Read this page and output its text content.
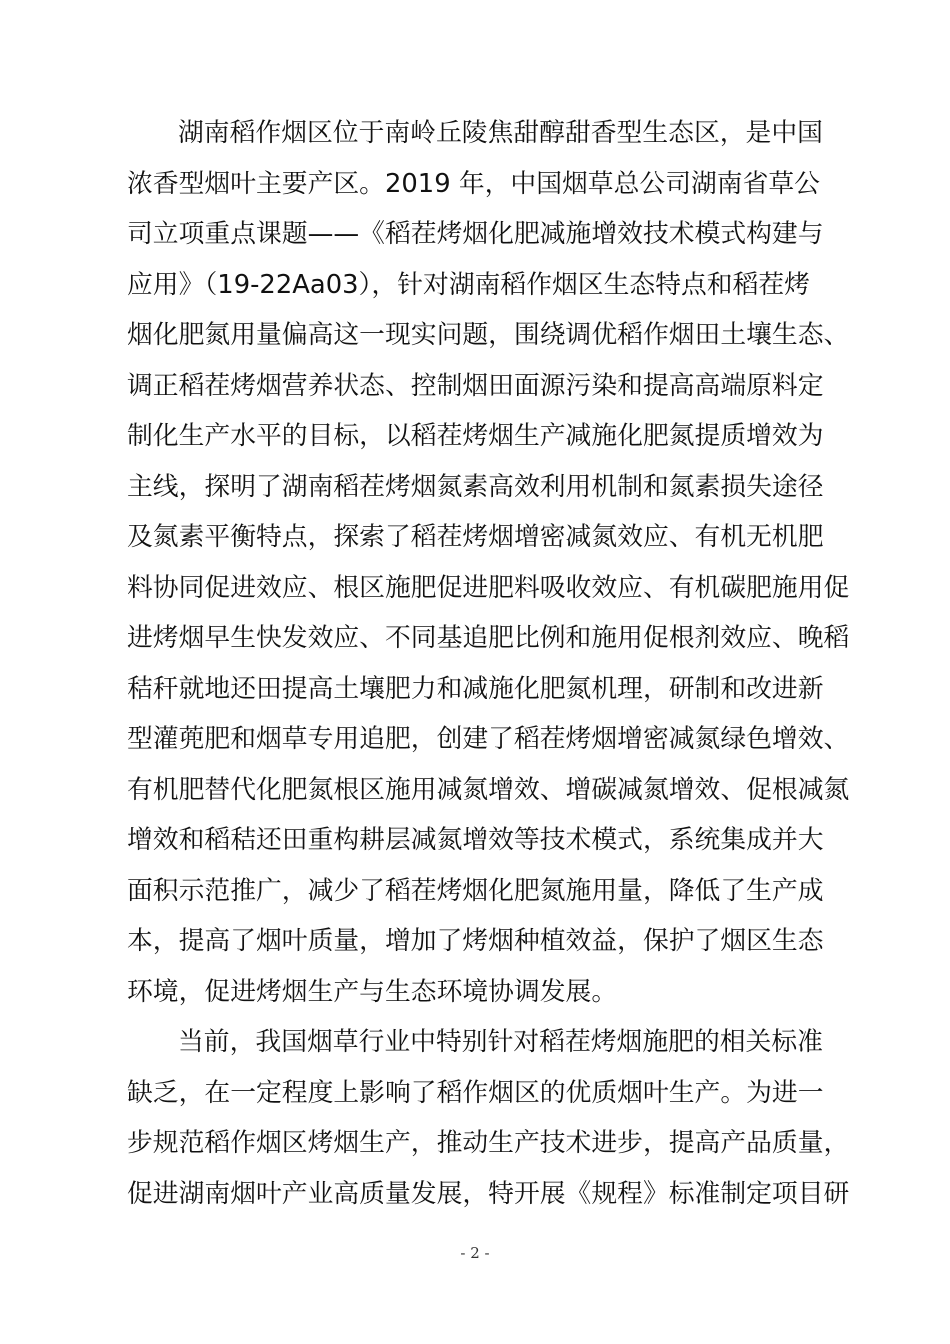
湖南稻作烟区位于南岭丘陵焦甜醇甜香型生态区，是中国
浓香型烟叶主要产区。2019 年，中国烟草总公司湖南省草公
司立项重点课题——《稻茬烤烟化肥减施增效技术模式构建与
应用》（19-22Aa03），针对湖南稻作烟区生态特点和稻茬烤
烟化肥氮用量偏高这一现实问题，围绕调优稻作烟田土壤生态、
调正稻茬烤烟营养状态、控制烟田面源污染和提高高端原料定
制化生产水平的目标，以稻茬烤烟生产减施化肥氮提质增效为
主线，探明了湖南稻茬烤烟氮素高效利用机制和氮素损失途径
及氮素平衡特点，探索了稻茬烤烟增密减氮效应、有机无机肥
料协同促进效应、根区施肥促进肥料吸收效应、有机碳肥施用促
进烤烟早生快发效应、不同基追肥比例和施用促根剂效应、晚稻
秸秆就地还田提高土壤肥力和减施化肥氮机理，研制和改进新
型灌蔸肥和烟草专用追肥，创建了稻茬烤烟增密减氮绿色增效、
有机肥替代化肥氮根区施用减氮增效、增碳减氮增效、促根减氮
增效和稻秸还田重构耕层减氮增效等技术模式，系统集成并大
面积示范推广，减少了稻茬烤烟化肥氮施用量，降低了生产成
本，提高了烟叶质量，增加了烤烟种植效益，保护了烟区生态
环境，促进烤烟生产与生态环境协调发展。
当前，我国烟草行业中特别针对稻茬烤烟施肥的相关标准
缺乏，在一定程度上影响了稻作烟区的优质烟叶生产。为进一
步规范稻作烟区烤烟生产，推动生产技术进步，提高产品质量，
促进湖南烟叶产业高质量发展，特开展《规程》标准制定项目研
- 2 -
